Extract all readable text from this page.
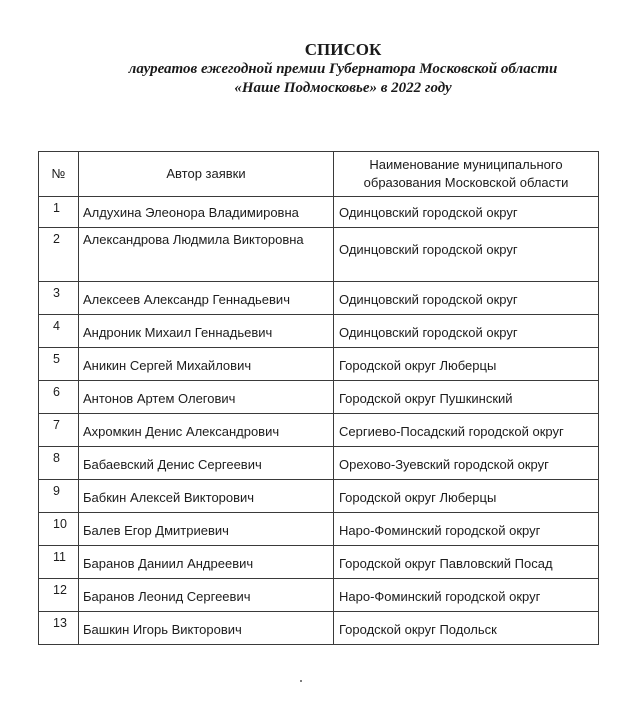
СПИСОК
лауреатов ежегодной премии Губернатора Московской области
«Наше Подмосковье» в 2022 году
№	Автор заявки	Наименование муниципального образования Московской области
1	Алдухина Элеонора Владимировна	Одинцовский городской округ
2	Александрова Людмила Викторовна	Одинцовский городской округ
3	Алексеев Александр Геннадьевич	Одинцовский городской округ
4	Андроник Михаил Геннадьевич	Одинцовский городской округ
5	Аникин Сергей Михайлович	Городской округ Люберцы
6	Антонов Артем Олегович	Городской округ Пушкинский
7	Ахромкин Денис Александрович	Сергиево-Посадский городской округ
8	Бабаевский Денис Сергеевич	Орехово-Зуевский городской округ
9	Бабкин Алексей Викторович	Городской округ Люберцы
10	Балев Егор Дмитриевич	Наро-Фоминский городской округ
11	Баранов Даниил Андреевич	Городской округ Павловский Посад
12	Баранов Леонид Сергеевич	Наро-Фоминский городской округ
13	Башкин Игорь Викторович	Городской округ Подольск
